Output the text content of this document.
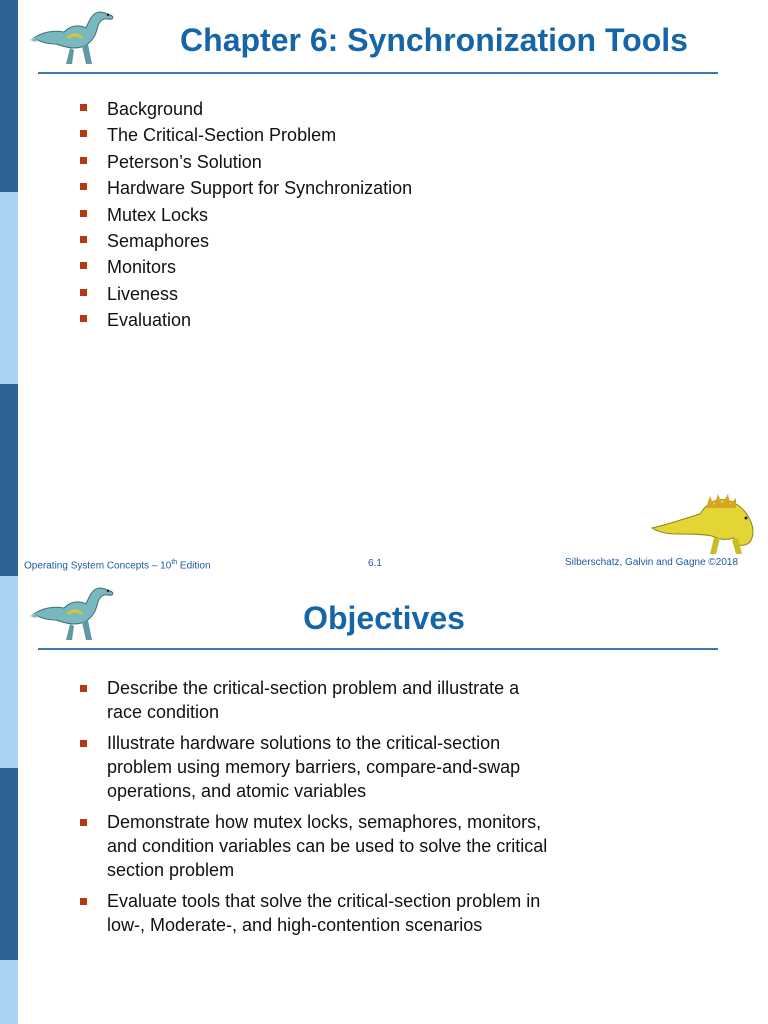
Chapter 6: Synchronization Tools
Background
The Critical-Section Problem
Peterson’s Solution
Hardware Support for Synchronization
Mutex Locks
Semaphores
Monitors
Liveness
Evaluation
Operating System Concepts – 10th Edition	6.1	Silberschatz, Galvin and Gagne ©2018
Objectives
Describe the critical-section problem and illustrate a race condition
Illustrate hardware solutions to the critical-section problem using memory barriers, compare-and-swap operations, and atomic variables
Demonstrate how mutex locks, semaphores, monitors, and condition variables can be used to solve the critical section problem
Evaluate tools that solve the critical-section problem in low-, Moderate-, and high-contention scenarios
